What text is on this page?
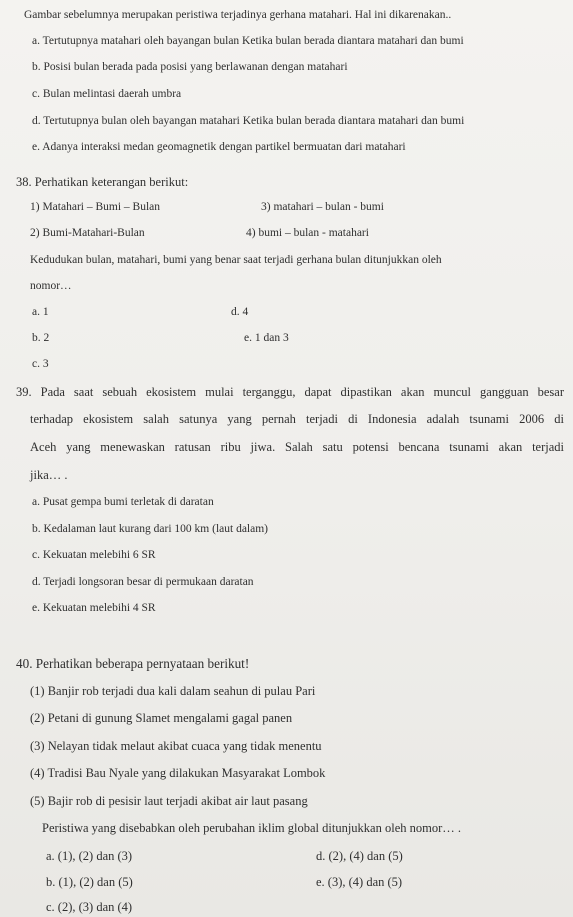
Gambar sebelumnya merupakan peristiwa terjadinya gerhana matahari. Hal ini dikarenakan..
a. Tertutupnya matahari oleh bayangan bulan Ketika bulan berada diantara matahari dan bumi
b. Posisi bulan berada pada posisi yang berlawanan dengan matahari
c. Bulan melintasi daerah umbra
d. Tertutupnya bulan oleh bayangan matahari Ketika bulan berada diantara matahari dan bumi
e. Adanya interaksi medan geomagnetik dengan partikel bermuatan dari matahari
38. Perhatikan keterangan berikut:
1) Matahari – Bumi – Bulan	3) matahari – bulan - bumi
2) Bumi-Matahari-Bulan	4) bumi – bulan - matahari
Kedudukan bulan, matahari, bumi yang benar saat terjadi gerhana bulan ditunjukkan oleh
nomor…
a. 1	d. 4
b. 2	e. 1 dan 3
c. 3
39. Pada saat sebuah ekosistem mulai terganggu, dapat dipastikan akan muncul gangguan besar
terhadap ekosistem salah satunya yang pernah terjadi di Indonesia adalah tsunami 2006 di
Aceh yang menewaskan ratusan ribu jiwa. Salah satu potensi bencana tsunami akan terjadi
jika… .
a. Pusat gempa bumi terletak di daratan
b. Kedalaman laut kurang dari 100 km (laut dalam)
c. Kekuatan melebihi 6 SR
d. Terjadi longsoran besar di permukaan daratan
e. Kekuatan melebihi 4 SR
40. Perhatikan beberapa pernyataan berikut!
(1) Banjir rob terjadi dua kali dalam seahun di pulau Pari
(2) Petani di gunung Slamet mengalami gagal panen
(3) Nelayan tidak melaut akibat cuaca yang tidak menentu
(4) Tradisi Bau Nyale yang dilakukan Masyarakat Lombok
(5) Bajir rob di pesisir laut terjadi akibat air laut pasang
Peristiwa yang disebabkan oleh perubahan iklim global ditunjukkan oleh nomor… .
a. (1), (2) dan (3)	d. (2), (4) dan (5)
b. (1), (2) dan (5)	e. (3), (4) dan (5)
c. (2), (3) dan (4)
